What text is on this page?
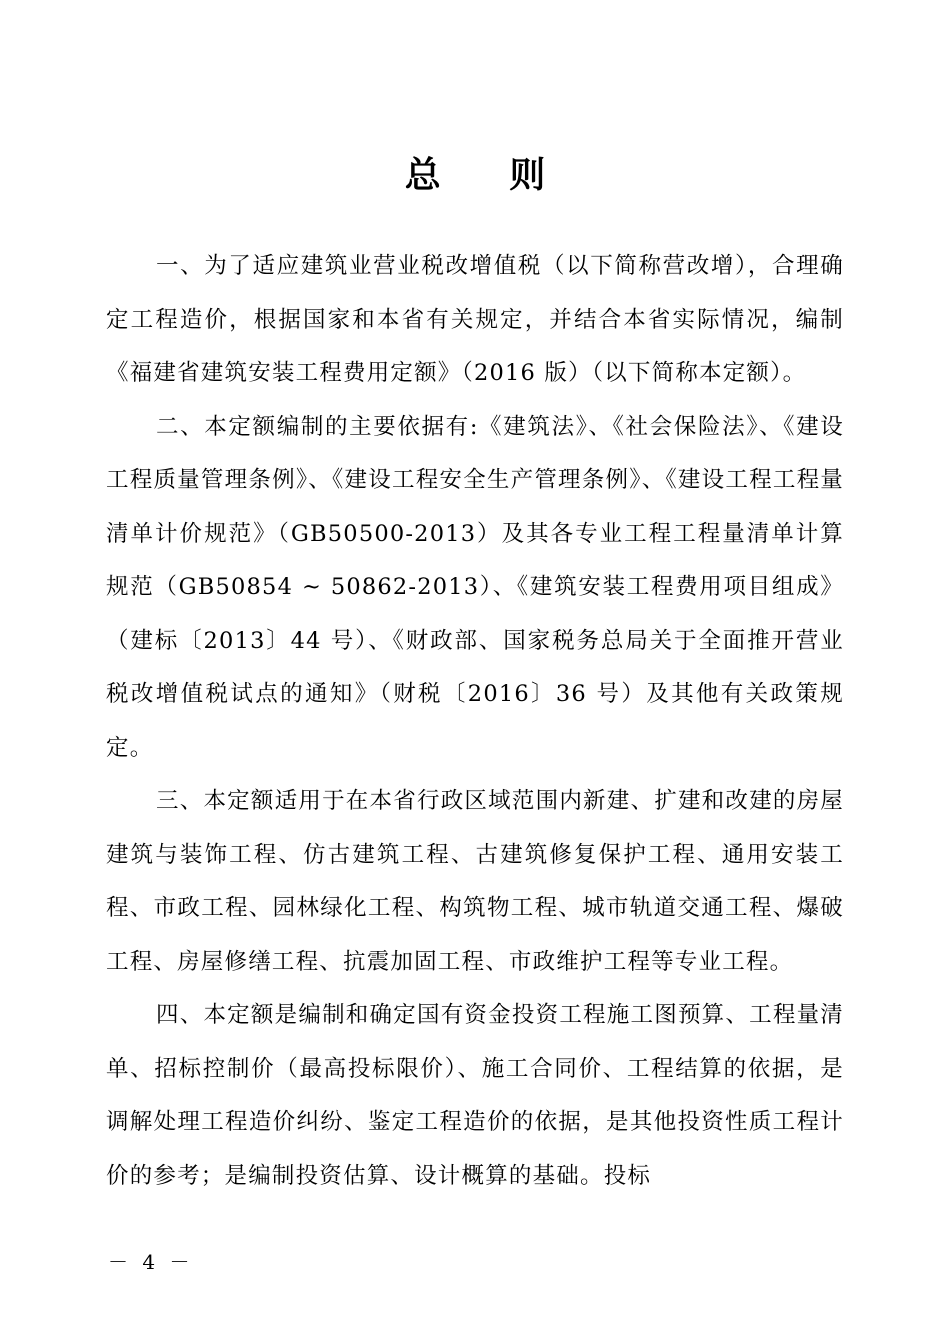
总 则

一、为了适应建筑业营业税改增值税（以下简称营改增），合理确定工程造价，根据国家和本省有关规定，并结合本省实际情况，编制《福建省建筑安装工程费用定额》（2016 版）（以下简称本定额）。

二、本定额编制的主要依据有:《建筑法》、《社会保险法》、《建设工程质量管理条例》、《建设工程安全生产管理条例》、《建设工程工程量清单计价规范》（GB50500-2013）及其各专业工程工程量清单计算规范（GB50854 ~ 50862-2013）、《建筑安装工程费用项目组成》（建标〔2013〕44 号）、《财政部、国家税务总局关于全面推开营业税改增值税试点的通知》（财税〔2016〕36 号）及其他有关政策规定。

三、本定额适用于在本省行政区域范围内新建、扩建和改建的房屋建筑与装饰工程、仿古建筑工程、古建筑修复保护工程、通用安装工程、市政工程、园林绿化工程、构筑物工程、城市轨道交通工程、爆破工程、房屋修缮工程、抗震加固工程、市政维护工程等专业工程。

四、本定额是编制和确定国有资金投资工程施工图预算、工程量清单、招标控制价（最高投标限价）、施工合同价、工程结算的依据，是调解处理工程造价纠纷、鉴定工程造价的依据，是其他投资性质工程计价的参考；是编制投资估算、设计概算的基础。投标

－ 4 －
